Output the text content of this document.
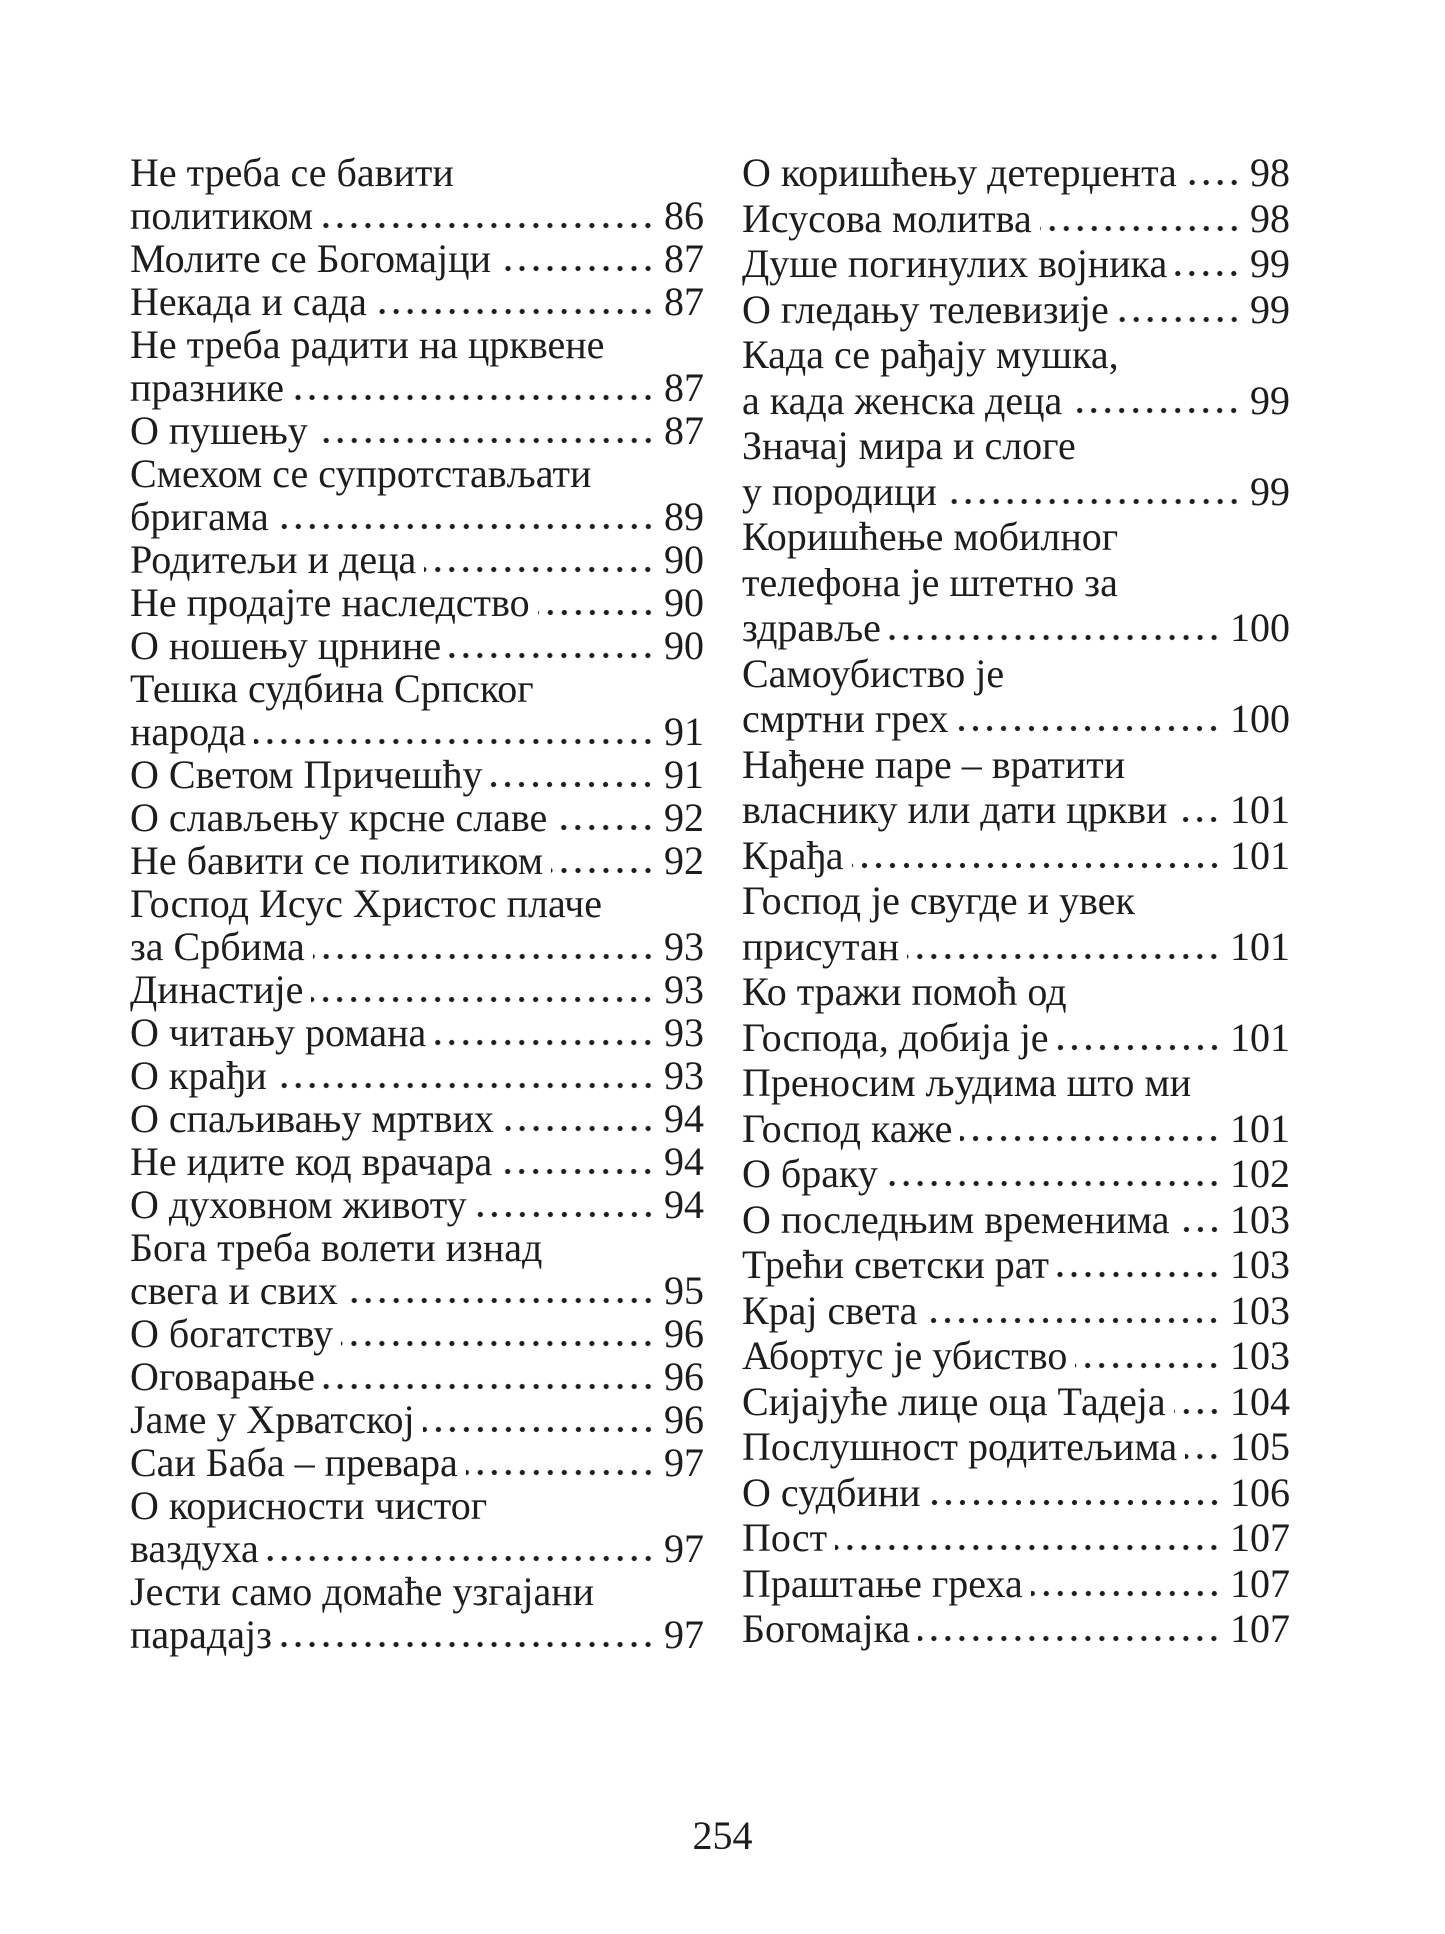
Не треба се бавити
политиком	86
Молите се Богомајци	87
Некада и сада	87
Не треба радити на црквене
празнике	87
О пушењу	87
Смехом се супротстављати
бригама	89
Родитељи и деца	90
Не продајте наследство	90
О ношењу црнине	90
Тешка судбина Српског
народа	91
О Светом Причешћу	91
О слављењу крсне славе	92
Не бавити се политиком	92
Господ Исус Христос плаче
за Србима	93
Династије	93
О читању романа	93
О крађи	93
О спаљивању мртвих	94
Не идите код врачара	94
О духовном животу	94
Бога треба волети изнад
свега и свих	95
О богатству	96
Оговарање	96
Јаме у Хрватској	96
Саи Баба – превара	97
О корисности чистог
ваздуха	97
Јести само домаће узгајани
парадајз	97
О коришћењу детерџента 98
Исусова молитва	98
Душе погинулих војника 99
О гледању телевизије	99
Када се рађају мушка,
а када женска деца	99
Значај мира и слоге
у породици	99
Коришћење мобилног
телефона је штетно за
здравље	100
Самоубиство је
смртни грех	100
Нађене паре – вратити
власнику или дати цркви 101
Крађа	101
Господ је свугде и увек
присутан	101
Ко тражи помоћ од
Господа, добија је	101
Преносим људима што ми
Господ каже	101
О браку	102
О последњим временима 103
Трећи светски рат	103
Крај света	103
Абортус је убиство	103
Сијајуће лице оца Тадеја 104
Послушност родитељима 105
О судбини	106
Пост	107
Праштање греха	107
Богомајка	107
254
